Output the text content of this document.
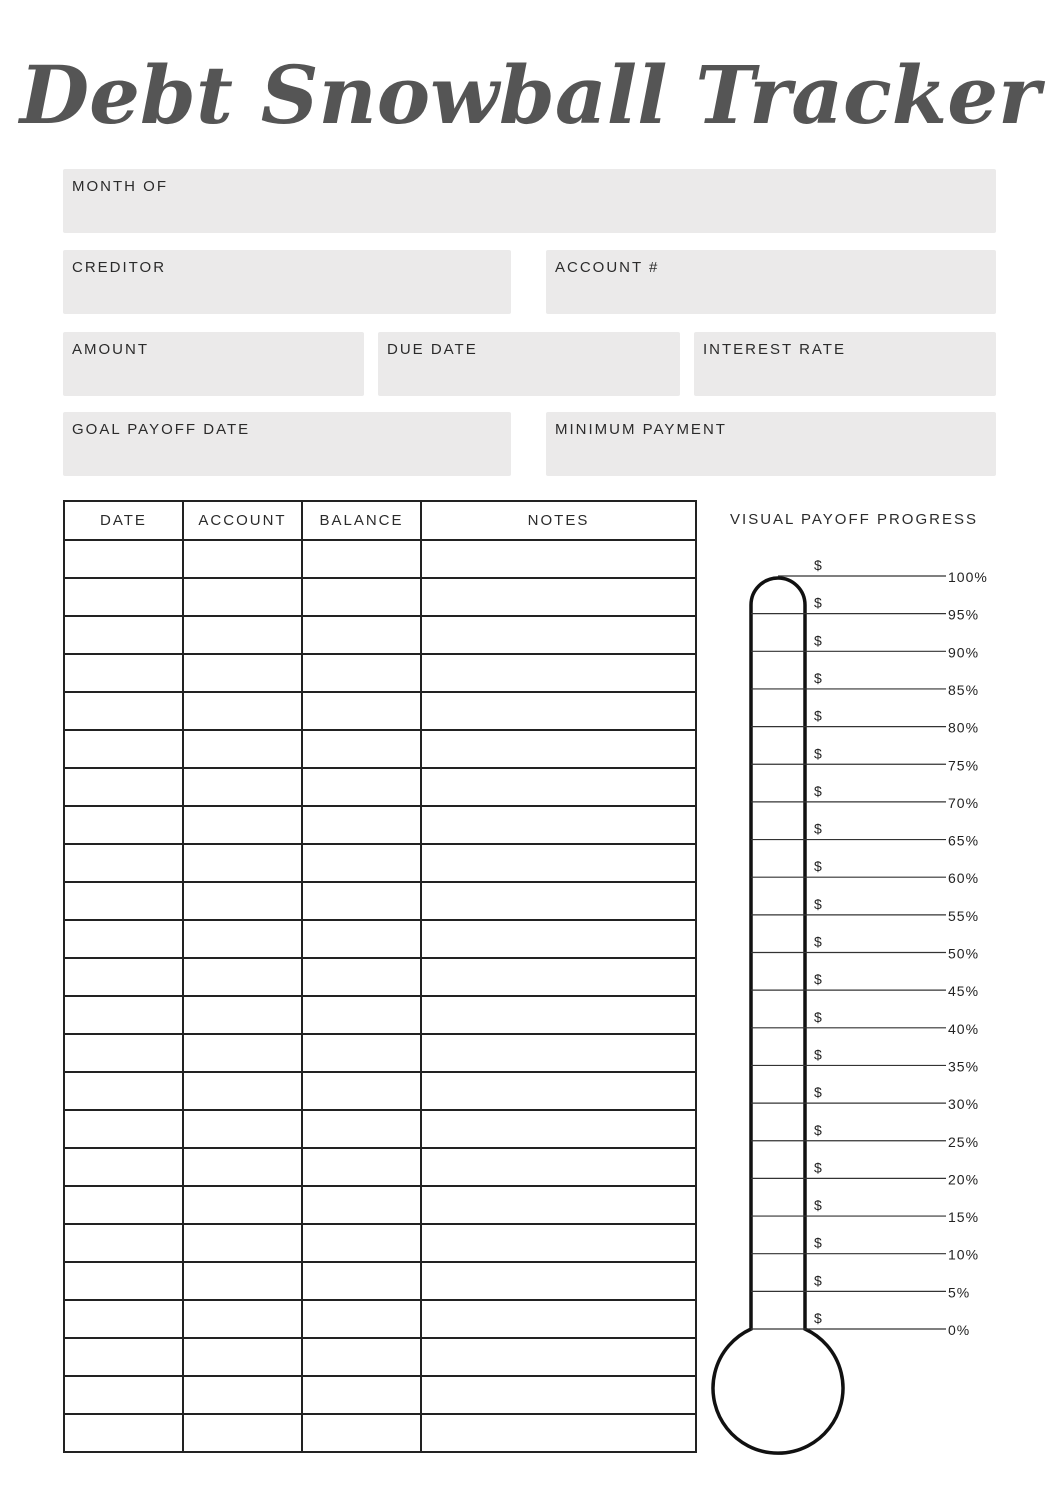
Debt Snowball Tracker
MONTH OF
CREDITOR	ACCOUNT #
AMOUNT	DUE DATE	INTEREST RATE
GOAL PAYOFF DATE	MINIMUM PAYMENT
DATE	ACCOUNT	BALANCE	NOTES

				VISUAL PAYOFF PROGRESS
$
100%
$
95%
$
90%
$
85%
$
80%
$
75%
$
70%
$
65%
$
60%
$
55%
$
50%
$
45%
$
40%
$
35%
$
30%
$
25%
$
20%
$
15%
$
10%
$
5%
$
0%
